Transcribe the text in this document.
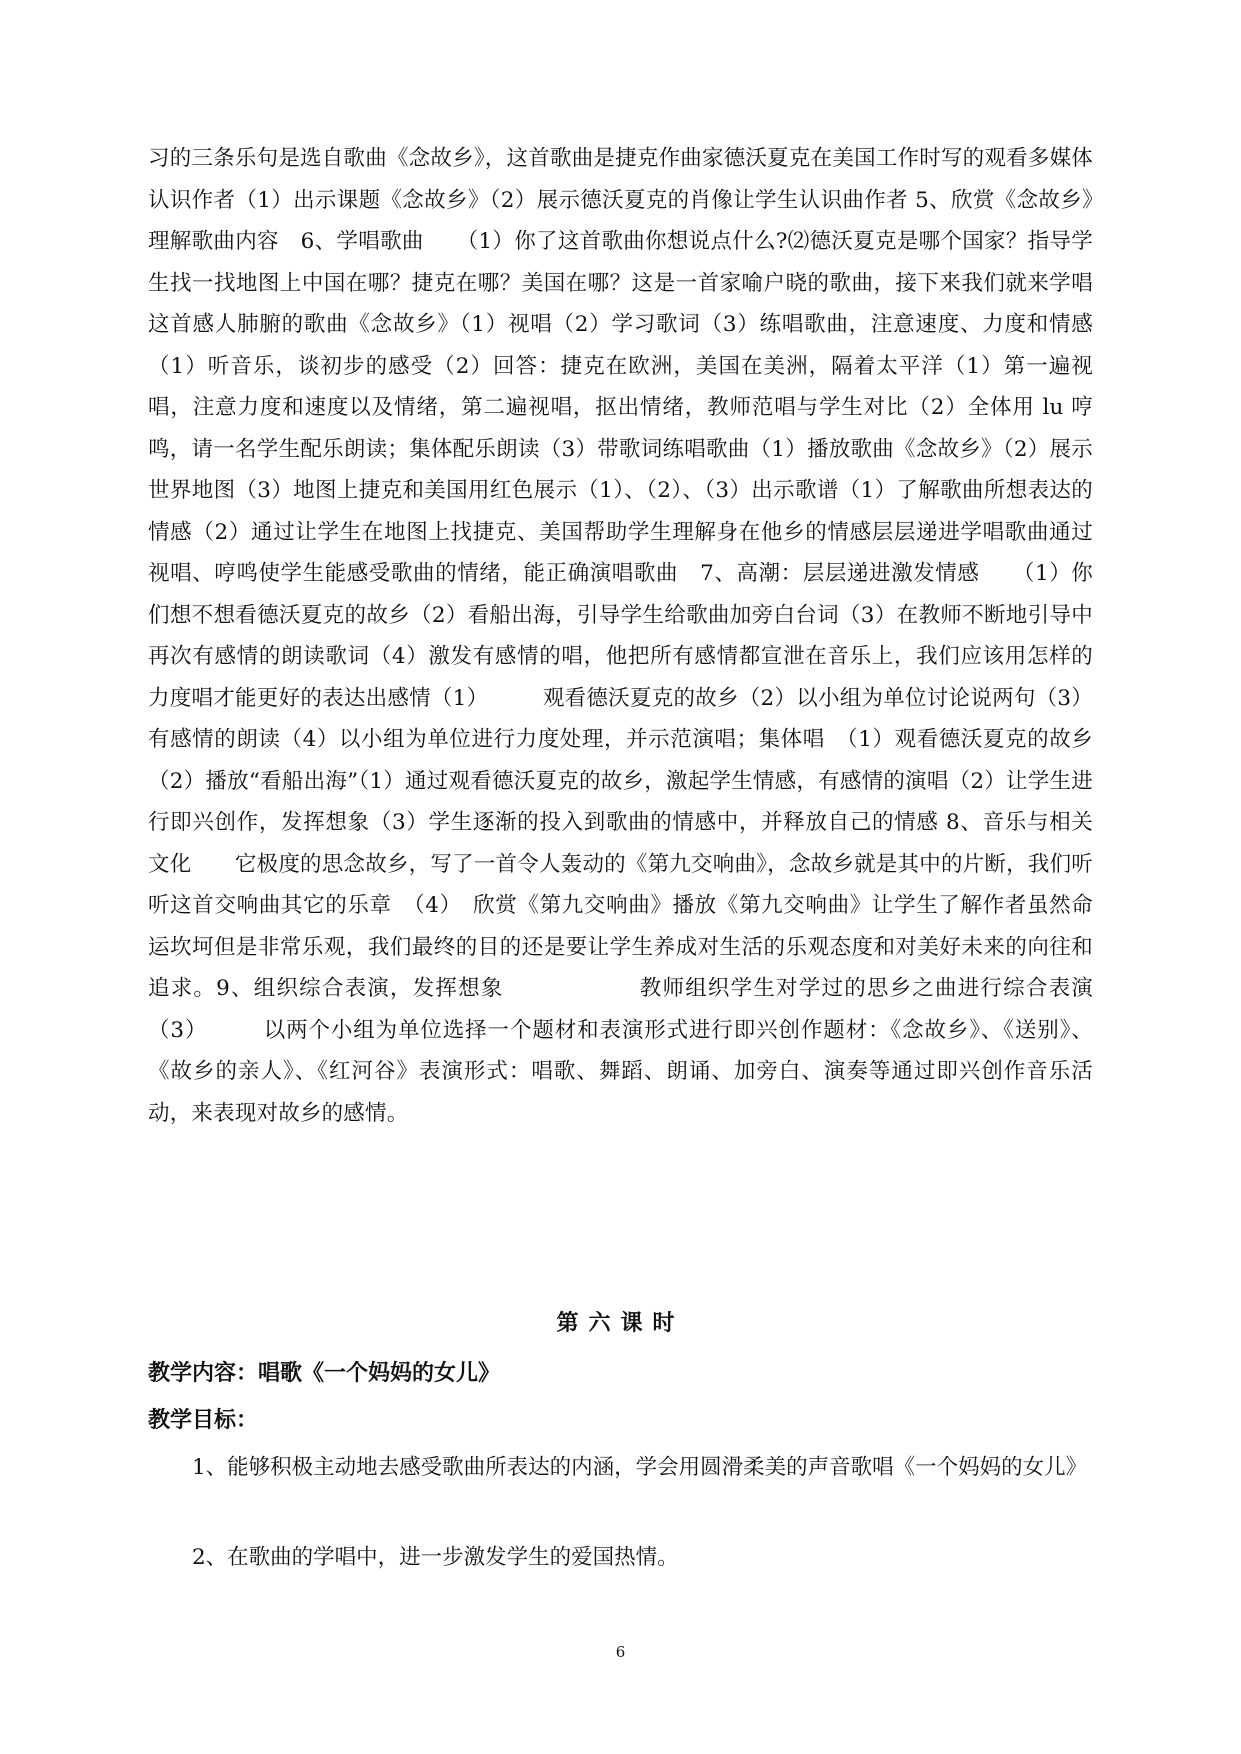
习的三条乐句是选自歌曲《念故乡》，这首歌曲是捷克作曲家德沃夏克在美国工作时写的观看多媒体认识作者（1）出示课题《念故乡》（2）展示德沃夏克的肖像让学生认识曲作者 5、欣赏《念故乡》理解歌曲内容　6、学唱歌曲　　（1）你了这首歌曲你想说点什么?⑵德沃夏克是哪个国家？指导学生找一找地图上中国在哪？捷克在哪？美国在哪？这是一首家喻户晓的歌曲，接下来我们就来学唱这首感人肺腑的歌曲《念故乡》（1）视唱（2）学习歌词（3）练唱歌曲，注意速度、力度和情感（1）听音乐，谈初步的感受（2）回答：捷克在欧洲，美国在美洲，隔着太平洋（1）第一遍视唱，注意力度和速度以及情绪，第二遍视唱，抠出情绪，教师范唱与学生对比（2）全体用 lu 哼鸣，请一名学生配乐朗读；集体配乐朗读（3）带歌词练唱歌曲（1）播放歌曲《念故乡》（2）展示世界地图（3）地图上捷克和美国用红色展示（1）、（2）、（3）出示歌谱（1）了解歌曲所想表达的情感（2）通过让学生在地图上找捷克、美国帮助学生理解身在他乡的情感层层递进学唱歌曲通过视唱、哼鸣使学生能感受歌曲的情绪，能正确演唱歌曲　7、高潮：层层递进激发情感　　（1）你们想不想看德沃夏克的故乡（2）看船出海，引导学生给歌曲加旁白台词（3）在教师不断地引导中再次有感情的朗读歌词（4）激发有感情的唱，他把所有感情都宣泄在音乐上，我们应该用怎样的力度唱才能更好的表达出感情（1）　　　观看德沃夏克的故乡（2）以小组为单位讨论说两句（3）有感情的朗读（4）以小组为单位进行力度处理，并示范演唱；集体唱　（1）观看德沃夏克的故乡（2）播放“看船出海”（1）通过观看德沃夏克的故乡，激起学生情感，有感情的演唱（2）让学生进行即兴创作，发挥想象（3）学生逐渐的投入到歌曲的情感中，并释放自己的情感 8、音乐与相关文化　　它极度的思念故乡，写了一首令人轰动的《第九交响曲》，念故乡就是其中的片断，我们听听这首交响曲其它的乐章　（4）　欣赏《第九交响曲》播放《第九交响曲》让学生了解作者虽然命运坎坷但是非常乐观，我们最终的目的还是要让学生养成对生活的乐观态度和对美好未来的向往和追求。9、组织综合表演，发挥想象　　　　　　教师组织学生对学过的思乡之曲进行综合表演（3）　　　以两个小组为单位选择一个题材和表演形式进行即兴创作题材：《念故乡》、《送别》、《故乡的亲人》、《红河谷》表演形式：唱歌、舞蹈、朗诵、加旁白、演奏等通过即兴创作音乐活动，来表现对故乡的感情。

第六课时

教学内容：唱歌《一个妈妈的女儿》

教学目标：

1、能够积极主动地去感受歌曲所表达的内涵，学会用圆滑柔美的声音歌唱《一个妈妈的女儿》

2、在歌曲的学唱中，进一步激发学生的爱国热情。

6
